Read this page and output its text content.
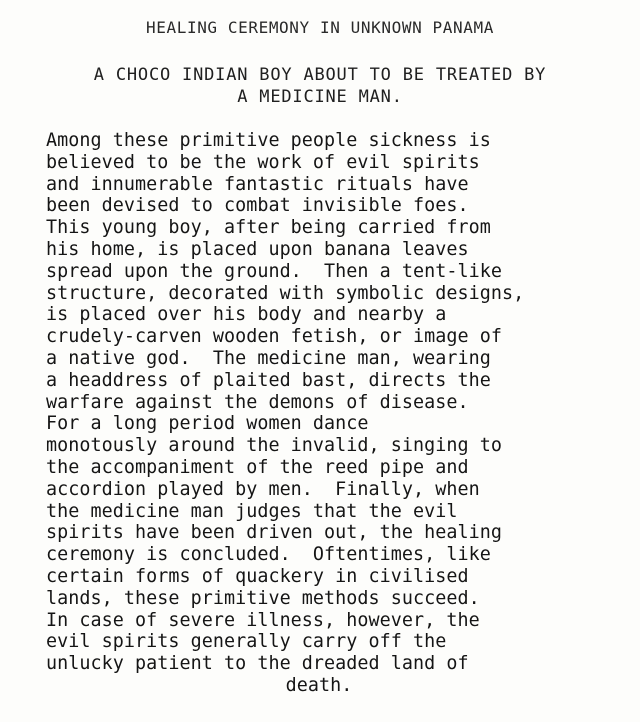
HEALING CEREMONY IN UNKNOWN PANAMA
A CHOCO INDIAN BOY ABOUT TO BE TREATED BY
A MEDICINE MAN.
Among these primitive people sickness is
believed to be the work of evil spirits
and innumerable fantastic rituals have
been devised to combat invisible foes.
This young boy, after being carried from
his home, is placed upon banana leaves
spread upon the ground.  Then a tent-like
structure, decorated with symbolic designs,
is placed over his body and nearby a
crudely-carven wooden fetish, or image of
a native god.  The medicine man, wearing
a headdress of plaited bast, directs the
warfare against the demons of disease.
For a long period women dance
monotously around the invalid, singing to
the accompaniment of the reed pipe and
accordion played by men.  Finally, when
the medicine man judges that the evil
spirits have been driven out, the healing
ceremony is concluded.  Oftentimes, like
certain forms of quackery in civilised
lands, these primitive methods succeed.
In case of severe illness, however, the
evil spirits generally carry off the
unlucky patient to the dreaded land of
death.
